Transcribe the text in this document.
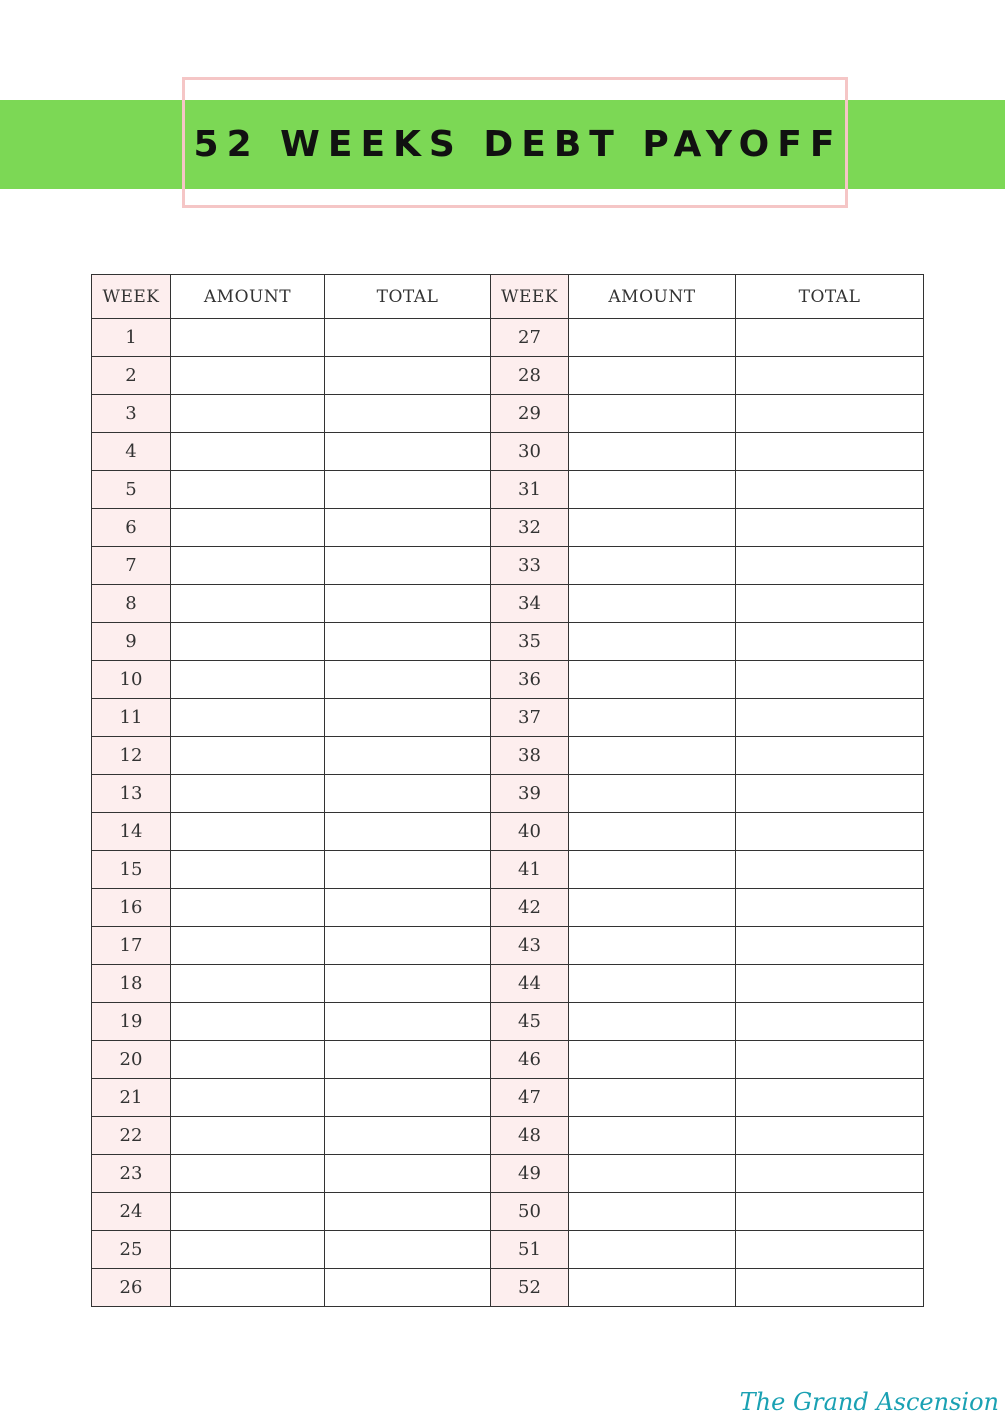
52 WEEKS DEBT PAYOFF
WEEK	AMOUNT	TOTAL	WEEK	AMOUNT	TOTAL
1			27		
2			28		
3			29		
4			30		
5			31		
6			32		
7			33		
8			34		
9			35		
10			36		
11			37		
12			38		
13			39		
14			40		
15			41		
16			42		
17			43		
18			44		
19			45		
20			46		
21			47		
22			48		
23			49		
24			50		
25			51		
26			52		

The Grand Ascension
